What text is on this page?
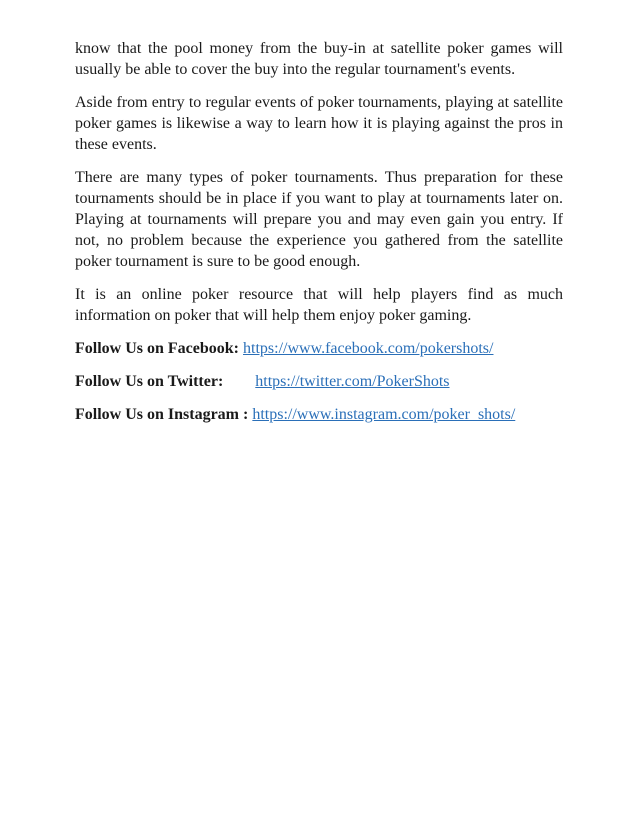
know that the pool money from the buy-in at satellite poker games will usually be able to cover the buy into the regular tournament's events.

Aside from entry to regular events of poker tournaments, playing at satellite poker games is likewise a way to learn how it is playing against the pros in these events.

There are many types of poker tournaments. Thus preparation for these tournaments should be in place if you want to play at tournaments later on. Playing at tournaments will prepare you and may even gain you entry. If not, no problem because the experience you gathered from the satellite poker tournament is sure to be good enough.

It is an online poker resource that will help players find as much information on poker that will help them enjoy poker gaming.

Follow Us on Facebook: https://www.facebook.com/pokershots/
Follow Us on Twitter: https://twitter.com/PokerShots
Follow Us on Instagram : https://www.instagram.com/poker_shots/
